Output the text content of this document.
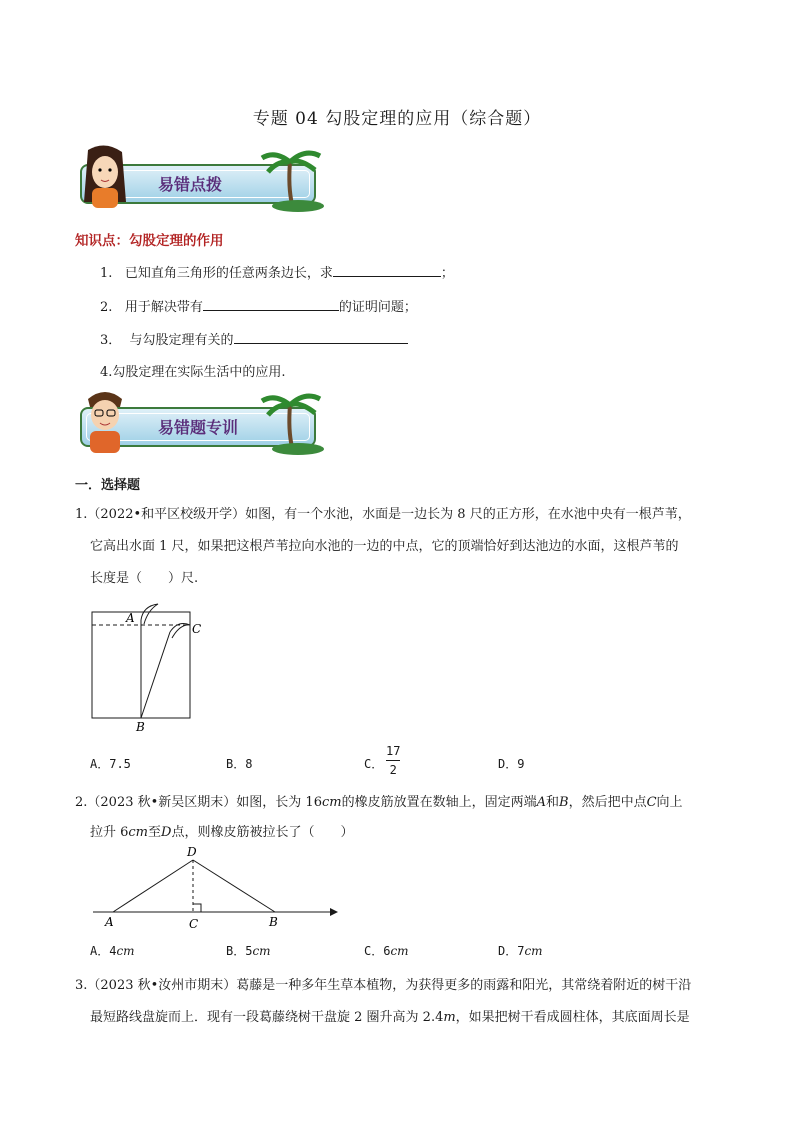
专题 04 勾股定理的应用（综合题）
易错点拨
知识点：勾股定理的作用
1. 已知直角三角形的任意两条边长，求	；
2. 用于解决带有	的证明问题；
3．  与勾股定理有关的
4.勾股定理在实际生活中的应用.
易错题专训
一．选择题
1.（2022•和平区校级开学）如图，有一个水池，水面是一边长为 8 尺的正方形，在水池中央有一根芦苇，
它高出水面 1 尺，如果把这根芦苇拉向水池的一边的中点，它的顶端恰好到达池边的水面，这根芦苇的
长度是（　　）尺.
A
C
B
A．7.5	B．8	C．
17
2	D．9
2.（2023 秋•新吴区期末）如图，长为 16cm的橡皮筋放置在数轴上，固定两端A和B，然后把中点C向上
拉升 6cm至D点，则橡皮筋被拉长了（　　）
D
A	C	B
A．4cm	B．5cm	C．6cm	D．7cm
3.（2023 秋•汝州市期末）葛藤是一种多年生草本植物，为获得更多的雨露和阳光，其常绕着附近的树干沿
最短路线盘旋而上．现有一段葛藤绕树干盘旋 2 圈升高为 2.4m，如果把树干看成圆柱体，其底面周长是
